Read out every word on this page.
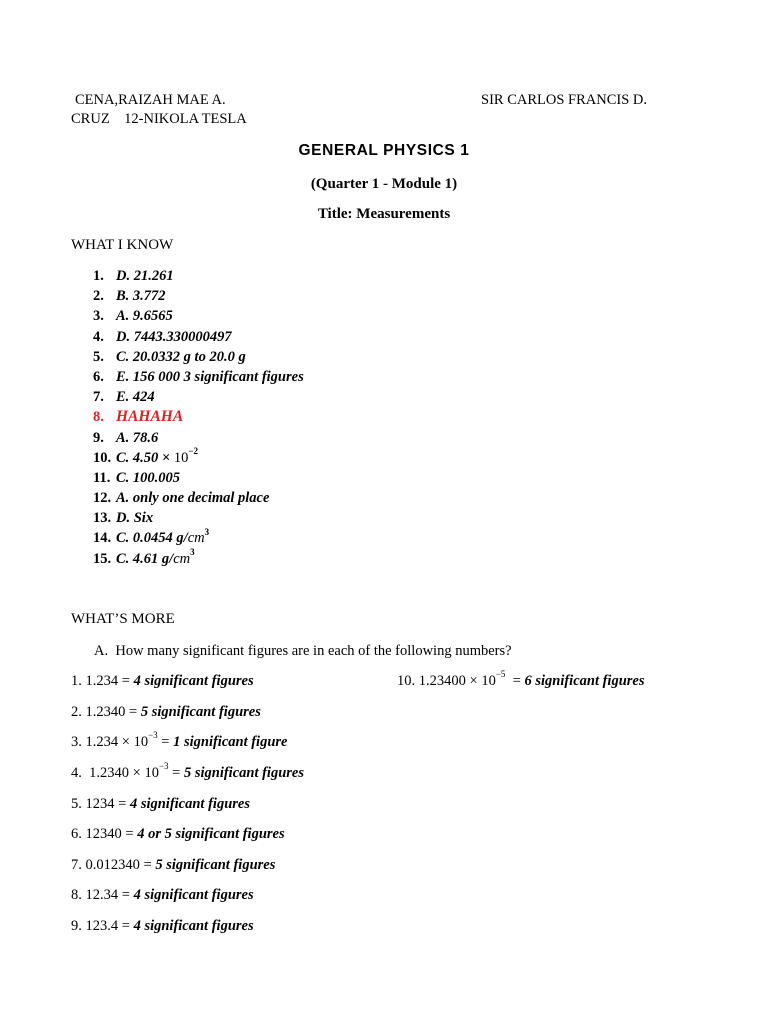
CENA,RAIZAH MAE A.	SIR CARLOS FRANCIS D.
CRUZ    12-NIKOLA TESLA
GENERAL PHYSICS 1
(Quarter 1 - Module 1)
Title: Measurements
WHAT I KNOW
1. D. 21.261
2. B. 3.772
3. A. 9.6565
4. D. 7443.330000497
5. C. 20.0332 g to 20.0 g
6. E. 156 000 3 significant figures
7. E. 424
8. HAHAHA
9. A. 78.6
10. C. $4.50 \times 10^{-2}$
11. C. 100.005
12. A. only one decimal place
13. D. Six
14. C. 0.0454 $g/cm^3$
15. C. 4.61 $g/cm^3$
WHAT’S MORE
A.  How many significant figures are in each of the following numbers?
1. 1.234 = 4 significant figures
2. 1.2340 = 5 significant figures
3. $1.234 \times 10^{-3} = 1$ significant figure
4.  $1.2340 \times 10^{-3} = 5$ significant figures
5. 1234 = 4 significant figures
6. 12340 = 4 or 5 significant figures
7. 0.012340 = 5 significant figures
8. 12.34 = 4 significant figures
9. 123.4 = 4 significant figures
10. $1.23400 \times 10^{-5} = 6$ significant figures
